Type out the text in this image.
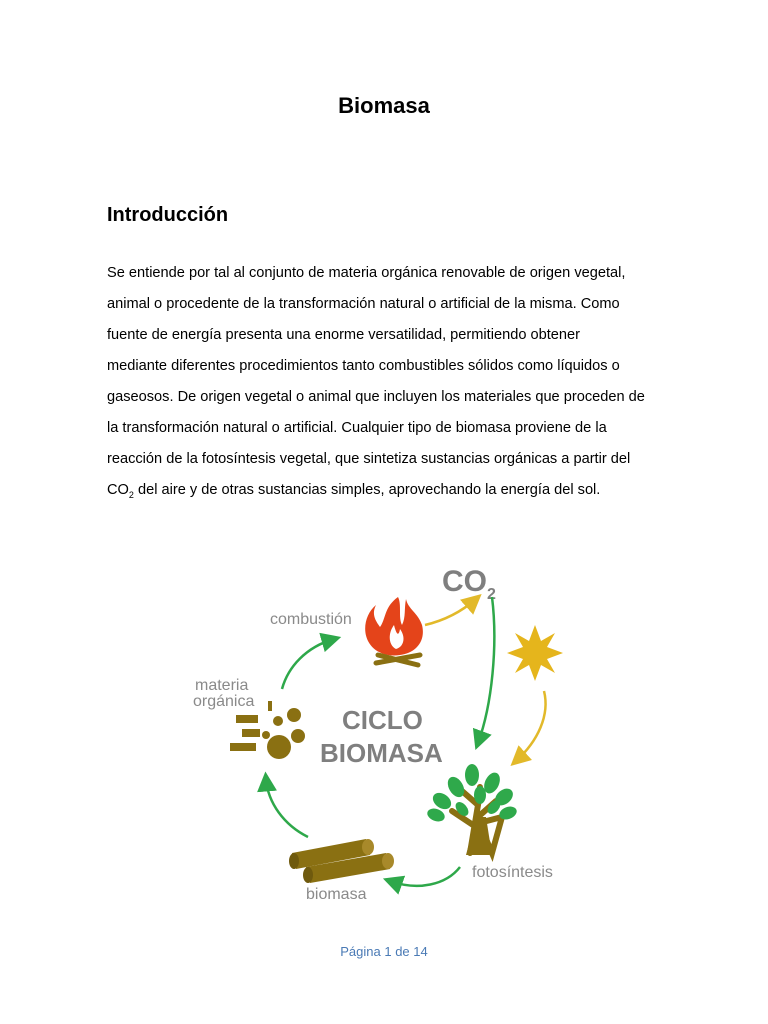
Biomasa
Introducción
Se entiende por tal al conjunto de materia orgánica renovable de origen vegetal,
animal o procedente de la transformación natural o artificial de la misma. Como
fuente de energía presenta una enorme versatilidad, permitiendo obtener
mediante diferentes procedimientos tanto combustibles sólidos como líquidos o
gaseosos. De origen vegetal o animal que incluyen los materiales que proceden de
la transformación natural o artificial. Cualquier tipo de biomasa proviene de la
reacción de la fotosíntesis vegetal, que sintetiza sustancias orgánicas a partir del
$CO_2$ del aire y de otras sustancias simples, aprovechando la energía del sol.
$CO_2$
combustión
materia
orgánica
CICLO
BIOMASA
fotosíntesis
biomasa
Página 1 de 14
